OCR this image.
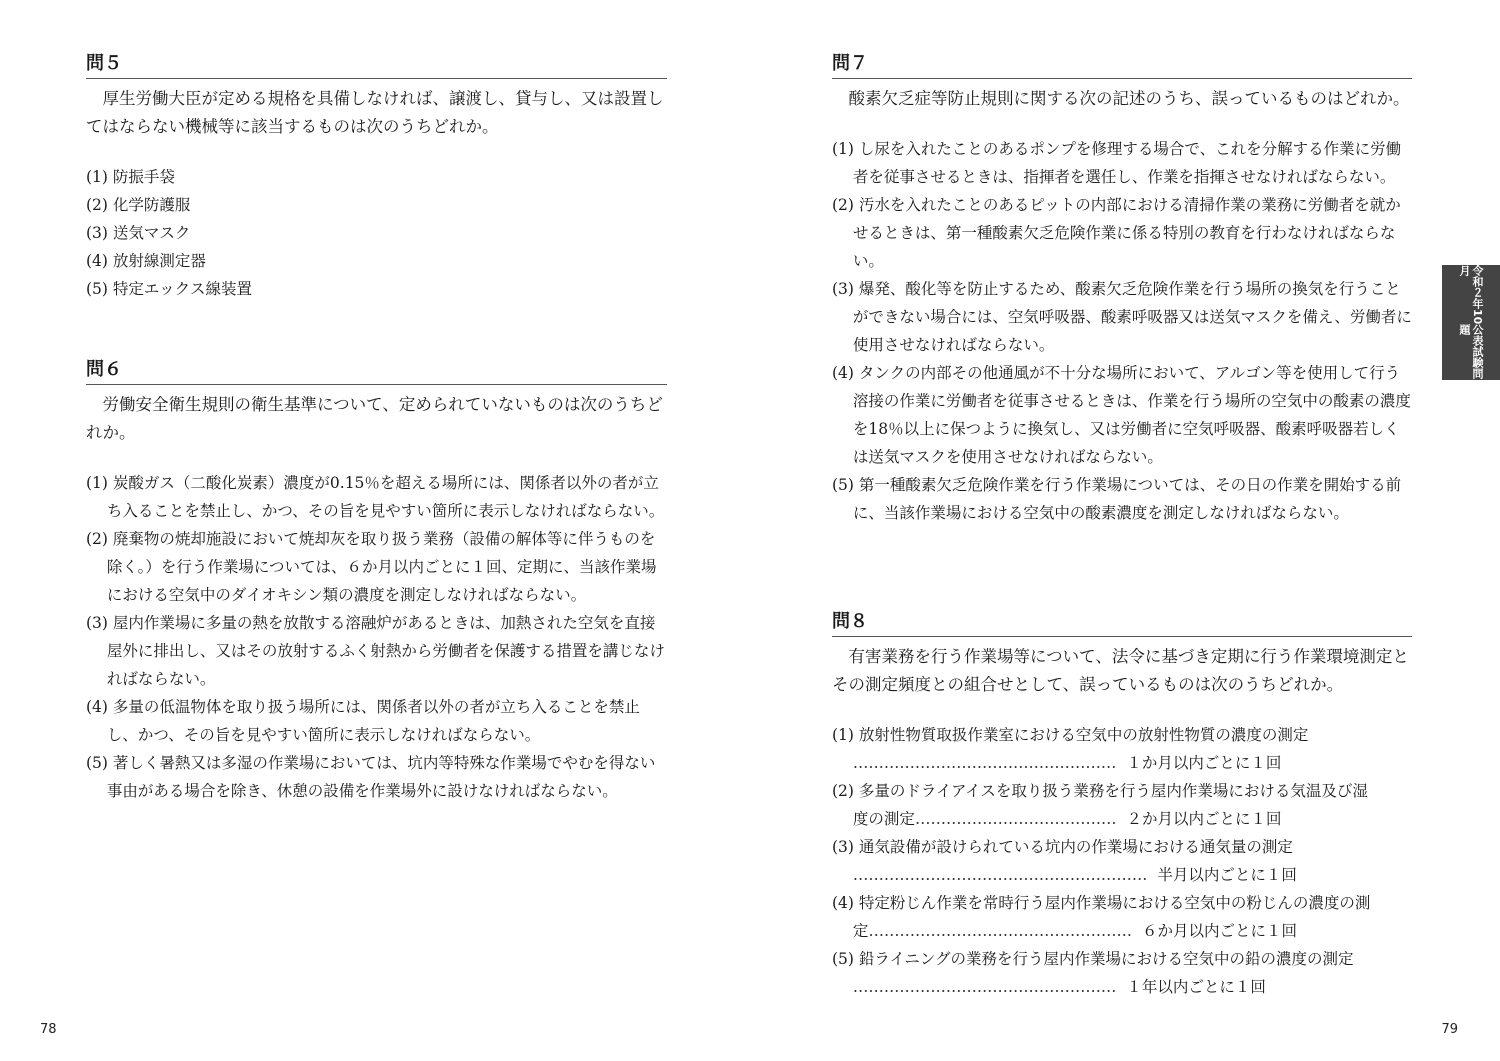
問５

厚生労働大臣が定める規格を具備しなければ、譲渡し、貸与し、又は設置してはならない機械等に該当するものは次のうちどれか。

(1) 防振手袋
(2) 化学防護服
(3) 送気マスク
(4) 放射線測定器
(5) 特定エックス線装置
問６

労働安全衛生規則の衛生基準について、定められていないものは次のうちどれか。

(1) 炭酸ガス（二酸化炭素）濃度が0.15％を超える場所には、関係者以外の者が立ち入ることを禁止し、かつ、その旨を見やすい箇所に表示しなければならない。
(2) 廃棄物の焼却施設において焼却灰を取り扱う業務（設備の解体等に伴うものを除く。）を行う作業場については、６か月以内ごとに１回、定期に、当該作業場における空気中のダイオキシン類の濃度を測定しなければならない。
(3) 屋内作業場に多量の熱を放散する溶融炉があるときは、加熱された空気を直接屋外に排出し、又はその放射するふく射熱から労働者を保護する措置を講じなければならない。
(4) 多量の低温物体を取り扱う場所には、関係者以外の者が立ち入ることを禁止し、かつ、その旨を見やすい箇所に表示しなければならない。
(5) 著しく暑熱又は多湿の作業場においては、坑内等特殊な作業場でやむを得ない事由がある場合を除き、休憩の設備を作業場外に設けなければならない。
78
問７

酸素欠乏症等防止規則に関する次の記述のうち、誤っているものはどれか。

(1) し尿を入れたことのあるポンプを修理する場合で、これを分解する作業に労働者を従事させるときは、指揮者を選任し、作業を指揮させなければならない。
(2) 汚水を入れたことのあるピットの内部における清掃作業の業務に労働者を就かせるときは、第一種酸素欠乏危険作業に係る特別の教育を行わなければならない。
(3) 爆発、酸化等を防止するため、酸素欠乏危険作業を行う場所の換気を行うことができない場合には、空気呼吸器、酸素呼吸器又は送気マスクを備え、労働者に使用させなければならない。
(4) タンクの内部その他通風が不十分な場所において、アルゴン等を使用して行う溶接の作業に労働者を従事させるときは、作業を行う場所の空気中の酸素の濃度を18％以上に保つように換気し、又は労働者に空気呼吸器、酸素呼吸器若しくは送気マスクを使用させなければならない。
(5) 第一種酸素欠乏危険作業を行う作業場については、その日の作業を開始する前に、当該作業場における空気中の酸素濃度を測定しなければならない。
問８

有害業務を行う作業場等について、法令に基づき定期に行う作業環境測定とその測定頻度との組合せとして、誤っているものは次のうちどれか。

(1) 放射性物質取扱作業室における空気中の放射性物質の濃度の測定
…………………………………………… １か月以内ごとに１回
(2) 多量のドライアイスを取り扱う業務を行う屋内作業場における気温及び湿
度の測定………………………………… ２か月以内ごとに１回
(3) 通気設備が設けられている坑内の作業場における通気量の測定
………………………………………………… 半月以内ごとに１回
(4) 特定粉じん作業を常時行う屋内作業場における空気中の粉じんの濃度の測
定…………………………………………… ６か月以内ごとに１回
(5) 鉛ライニングの業務を行う屋内作業場における空気中の鉛の濃度の測定
…………………………………………… １年以内ごとに１回
令和２年10月
公表試験問題
79
